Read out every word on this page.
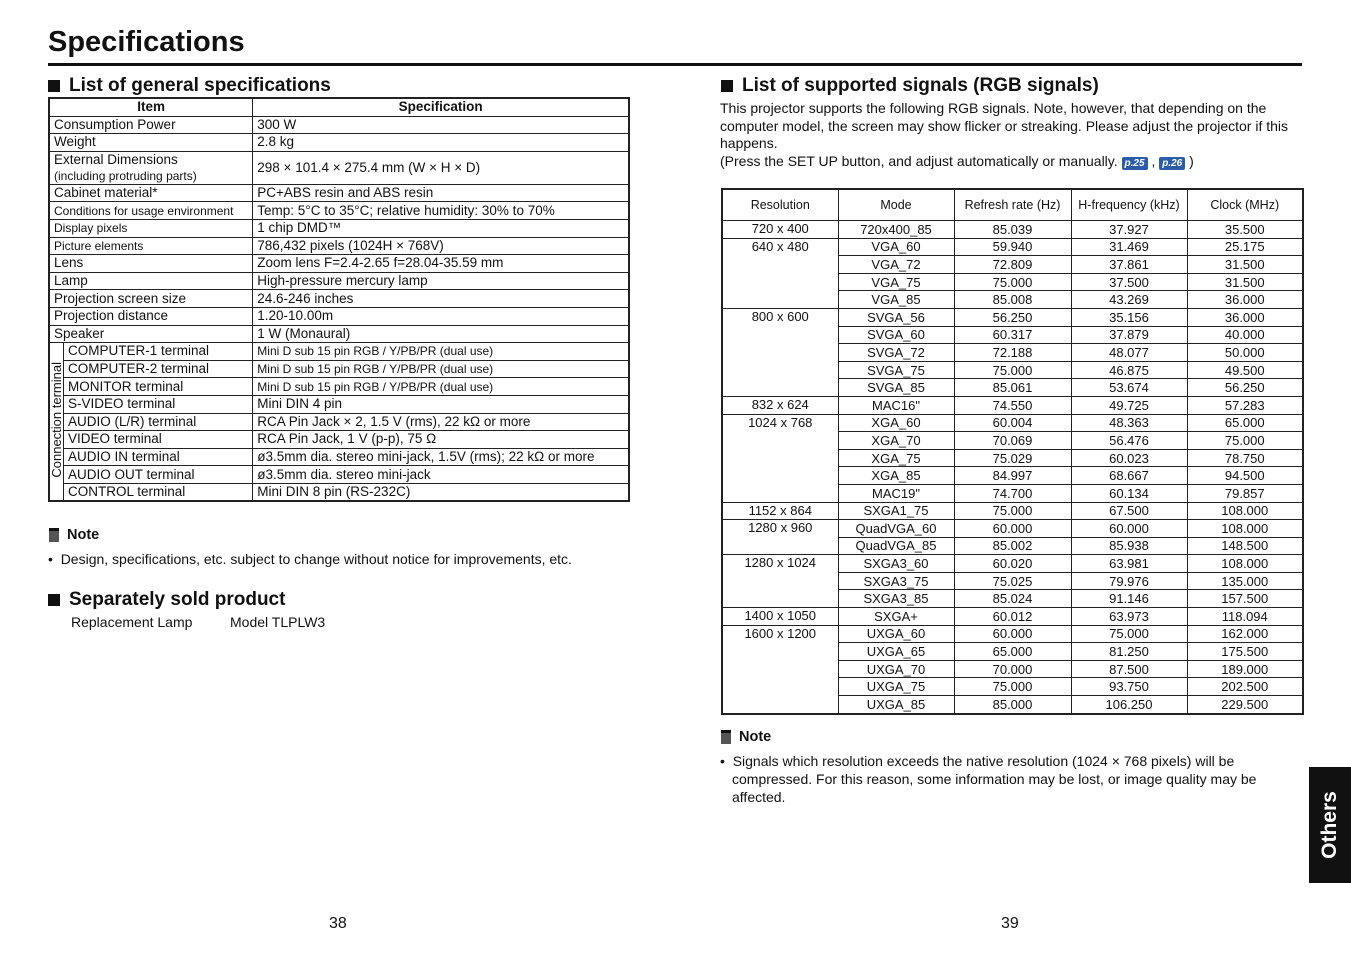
Specifications
List of general specifications
Item		Specification
Consumption Power		300 W
Weight		2.8 kg
External Dimensions
(including protruding parts)		298 × 101.4 × 275.4 mm (W × H × D)
Cabinet material*		PC+ABS resin and ABS resin
Conditions for usage environment		Temp: 5°C to 35°C; relative humidity: 30% to 70%
Display pixels		1 chip DMD™
Picture elements		786,432 pixels (1024H × 768V)
Lens		Zoom lens F=2.4-2.65 f=28.04-35.59 mm
Lamp		High-pressure mercury lamp
Projection screen size		24.6-246 inches
Projection distance		1.20-10.00m
Speaker		1 W (Monaural)
Connection terminal	COMPUTER-1 terminal	Mini D sub 15 pin RGB / Y/PB/PR (dual use)
	COMPUTER-2 terminal	Mini D sub 15 pin RGB / Y/PB/PR (dual use)
	MONITOR terminal	Mini D sub 15 pin RGB / Y/PB/PR (dual use)
	S-VIDEO terminal	Mini DIN 4 pin
	AUDIO (L/R) terminal	RCA Pin Jack × 2, 1.5 V (rms), 22 kΩ or more
	VIDEO terminal	RCA Pin Jack, 1 V (p-p), 75 Ω
	AUDIO IN terminal	ø3.5mm dia. stereo mini-jack, 1.5V (rms); 22 kΩ or more
	AUDIO OUT terminal	ø3.5mm dia. stereo mini-jack
	CONTROL terminal	Mini DIN 8 pin (RS-232C)
Note
•  Design, specifications, etc. subject to change without notice for improvements, etc.
Separately sold product
Replacement Lamp	Model TLPLW3
List of supported signals (RGB signals)
This projector supports the following RGB signals. Note, however, that depending on the computer model, the screen may show flicker or streaking. Please adjust the projector if this happens.
(Press the SET UP button, and adjust automatically or manually. p.25 , p.26 )
Resolution	Mode	Refresh rate (Hz)	H-frequency (kHz)	Clock (MHz)
720 x 400	720x400_85	85.039	37.927	35.500
640 x 480	VGA_60	59.940	31.469	25.175
	VGA_72	72.809	37.861	31.500
	VGA_75	75.000	37.500	31.500
	VGA_85	85.008	43.269	36.000
800 x 600	SVGA_56	56.250	35.156	36.000
	SVGA_60	60.317	37.879	40.000
	SVGA_72	72.188	48.077	50.000
	SVGA_75	75.000	46.875	49.500
	SVGA_85	85.061	53.674	56.250
832 x 624	MAC16"	74.550	49.725	57.283
1024 x 768	XGA_60	60.004	48.363	65.000
	XGA_70	70.069	56.476	75.000
	XGA_75	75.029	60.023	78.750
	XGA_85	84.997	68.667	94.500
	MAC19"	74.700	60.134	79.857
1152 x 864	SXGA1_75	75.000	67.500	108.000
1280 x 960	QuadVGA_60	60.000	60.000	108.000
	QuadVGA_85	85.002	85.938	148.500
1280 x 1024	SXGA3_60	60.020	63.981	108.000
	SXGA3_75	75.025	79.976	135.000
	SXGA3_85	85.024	91.146	157.500
1400 x 1050	SXGA+	60.012	63.973	118.094
1600 x 1200	UXGA_60	60.000	75.000	162.000
	UXGA_65	65.000	81.250	175.500
	UXGA_70	70.000	87.500	189.000
	UXGA_75	75.000	93.750	202.500
	UXGA_85	85.000	106.250	229.500
Note
•  Signals which resolution exceeds the native resolution (1024 × 768 pixels) will be compressed. For this reason, some information may be lost, or image quality may be affected.	Others
38	39
